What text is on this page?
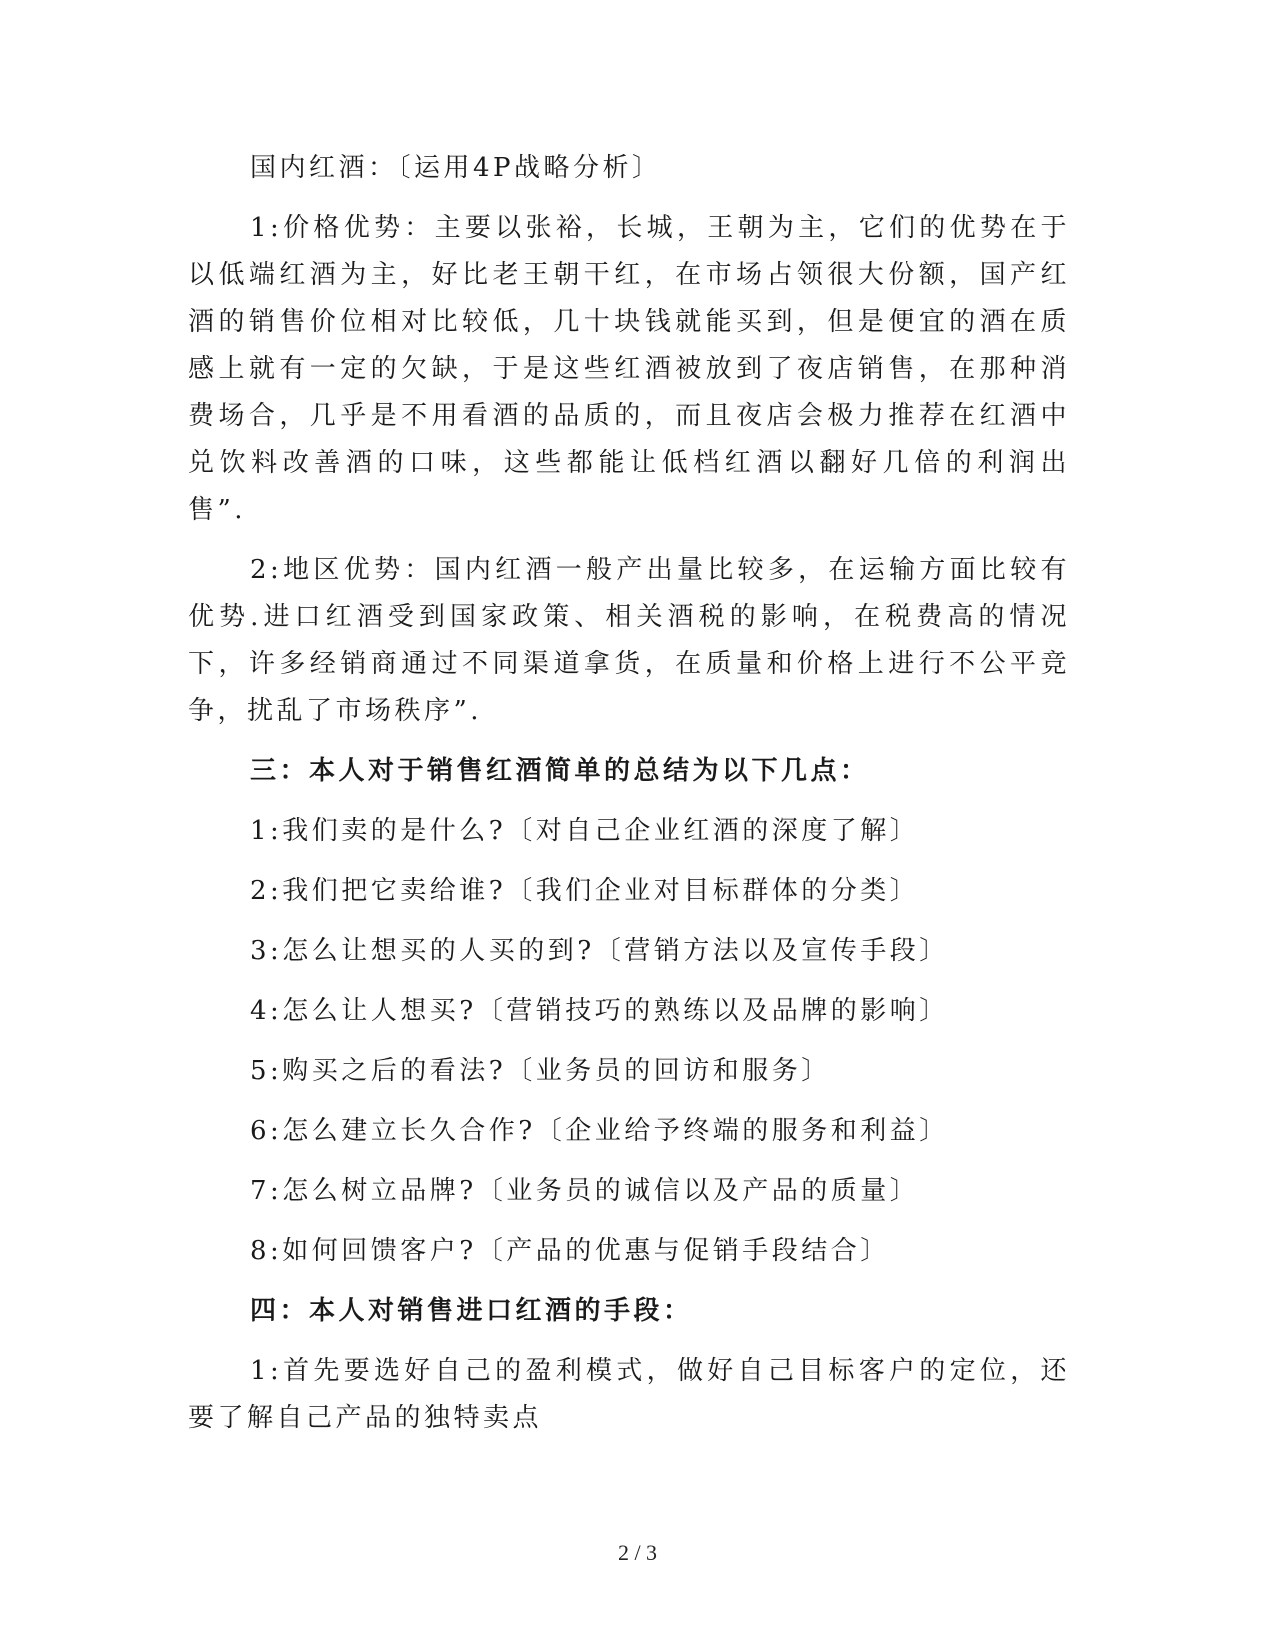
国内红酒：〔运用4P战略分析〕

1:价格优势：主要以张裕，长城，王朝为主，它们的优势在于以低端红酒为主，好比老王朝干红，在市场占领很大份额，国产红酒的销售价位相对比较低，几十块钱就能买到，但是便宜的酒在质感上就有一定的欠缺，于是这些红酒被放到了夜店销售，在那种消费场合，几乎是不用看酒的品质的，而且夜店会极力推荐在红酒中兑饮料改善酒的口味，这些都能让低档红酒以翻好几倍的利润出售”.

2:地区优势：国内红酒一般产出量比较多，在运输方面比较有优势.进口红酒受到国家政策、相关酒税的影响，在税费高的情况下，许多经销商通过不同渠道拿货，在质量和价格上进行不公平竞争，扰乱了市场秩序”.

三：本人对于销售红酒简单的总结为以下几点：

1:我们卖的是什么?〔对自己企业红酒的深度了解〕

2:我们把它卖给谁?〔我们企业对目标群体的分类〕

3:怎么让想买的人买的到?〔营销方法以及宣传手段〕

4:怎么让人想买?〔营销技巧的熟练以及品牌的影响〕

5:购买之后的看法?〔业务员的回访和服务〕

6:怎么建立长久合作?〔企业给予终端的服务和利益〕

7:怎么树立品牌?〔业务员的诚信以及产品的质量〕

8:如何回馈客户?〔产品的优惠与促销手段结合〕

四：本人对销售进口红酒的手段：

1:首先要选好自己的盈利模式，做好自己目标客户的定位，还要了解自己产品的独特卖点

2 / 3
